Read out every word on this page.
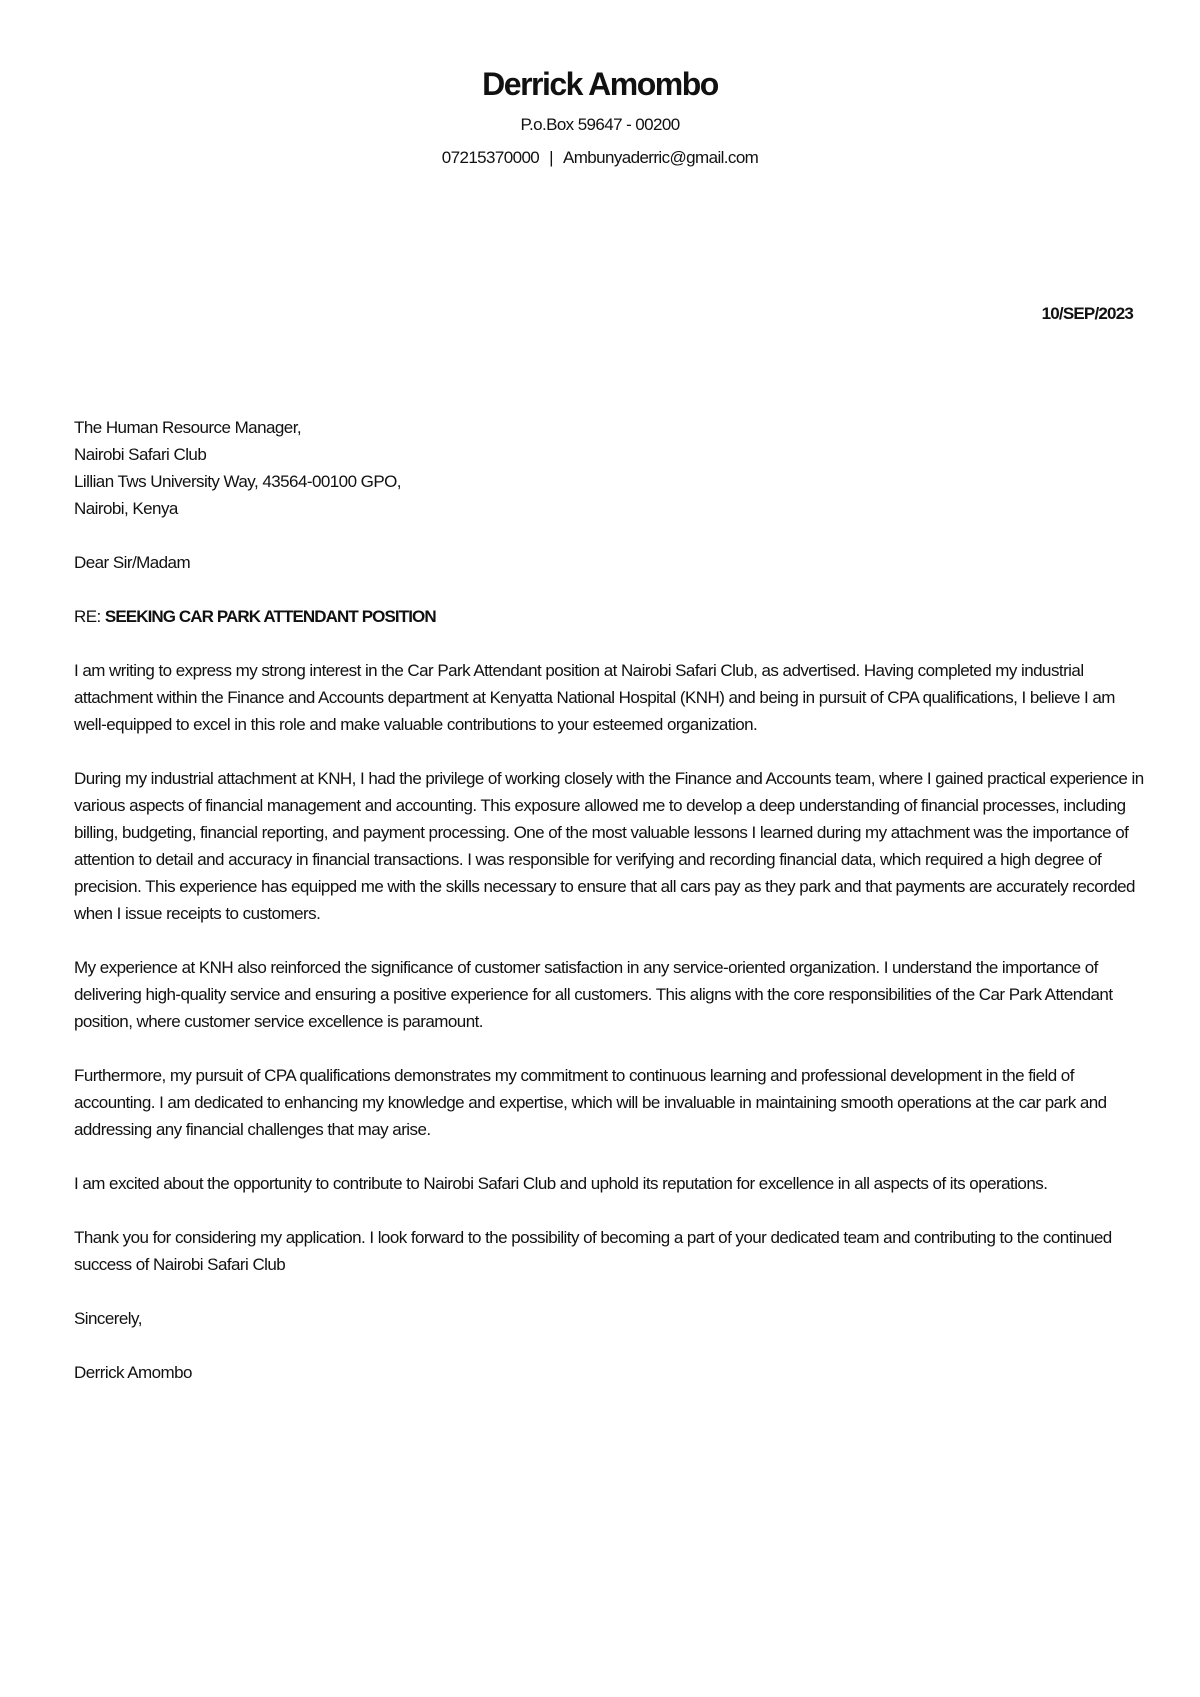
Derrick Amombo
P.o.Box 59647 - 00200
07215370000 | Ambunyaderric@gmail.com
10/SEP/2023
The Human Resource Manager,
Nairobi Safari Club
Lillian Tws University Way, 43564-00100 GPO,
Nairobi, Kenya
Dear Sir/Madam
RE: SEEKING CAR PARK ATTENDANT POSITION
I am writing to express my strong interest in the Car Park Attendant position at Nairobi Safari Club, as advertised. Having completed my industrial attachment within the Finance and Accounts department at Kenyatta National Hospital (KNH) and being in pursuit of CPA qualifications, I believe I am well-equipped to excel in this role and make valuable contributions to your esteemed organization.
During my industrial attachment at KNH, I had the privilege of working closely with the Finance and Accounts team, where I gained practical experience in various aspects of financial management and accounting. This exposure allowed me to develop a deep understanding of financial processes, including billing, budgeting, financial reporting, and payment processing. One of the most valuable lessons I learned during my attachment was the importance of attention to detail and accuracy in financial transactions. I was responsible for verifying and recording financial data, which required a high degree of precision. This experience has equipped me with the skills necessary to ensure that all cars pay as they park and that payments are accurately recorded when I issue receipts to customers.
My experience at KNH also reinforced the significance of customer satisfaction in any service-oriented organization. I understand the importance of delivering high-quality service and ensuring a positive experience for all customers. This aligns with the core responsibilities of the Car Park Attendant position, where customer service excellence is paramount.
Furthermore, my pursuit of CPA qualifications demonstrates my commitment to continuous learning and professional development in the field of accounting. I am dedicated to enhancing my knowledge and expertise, which will be invaluable in maintaining smooth operations at the car park and addressing any financial challenges that may arise.
I am excited about the opportunity to contribute to Nairobi Safari Club and uphold its reputation for excellence in all aspects of its operations.
Thank you for considering my application. I look forward to the possibility of becoming a part of your dedicated team and contributing to the continued success of Nairobi Safari Club
Sincerely,
Derrick Amombo
